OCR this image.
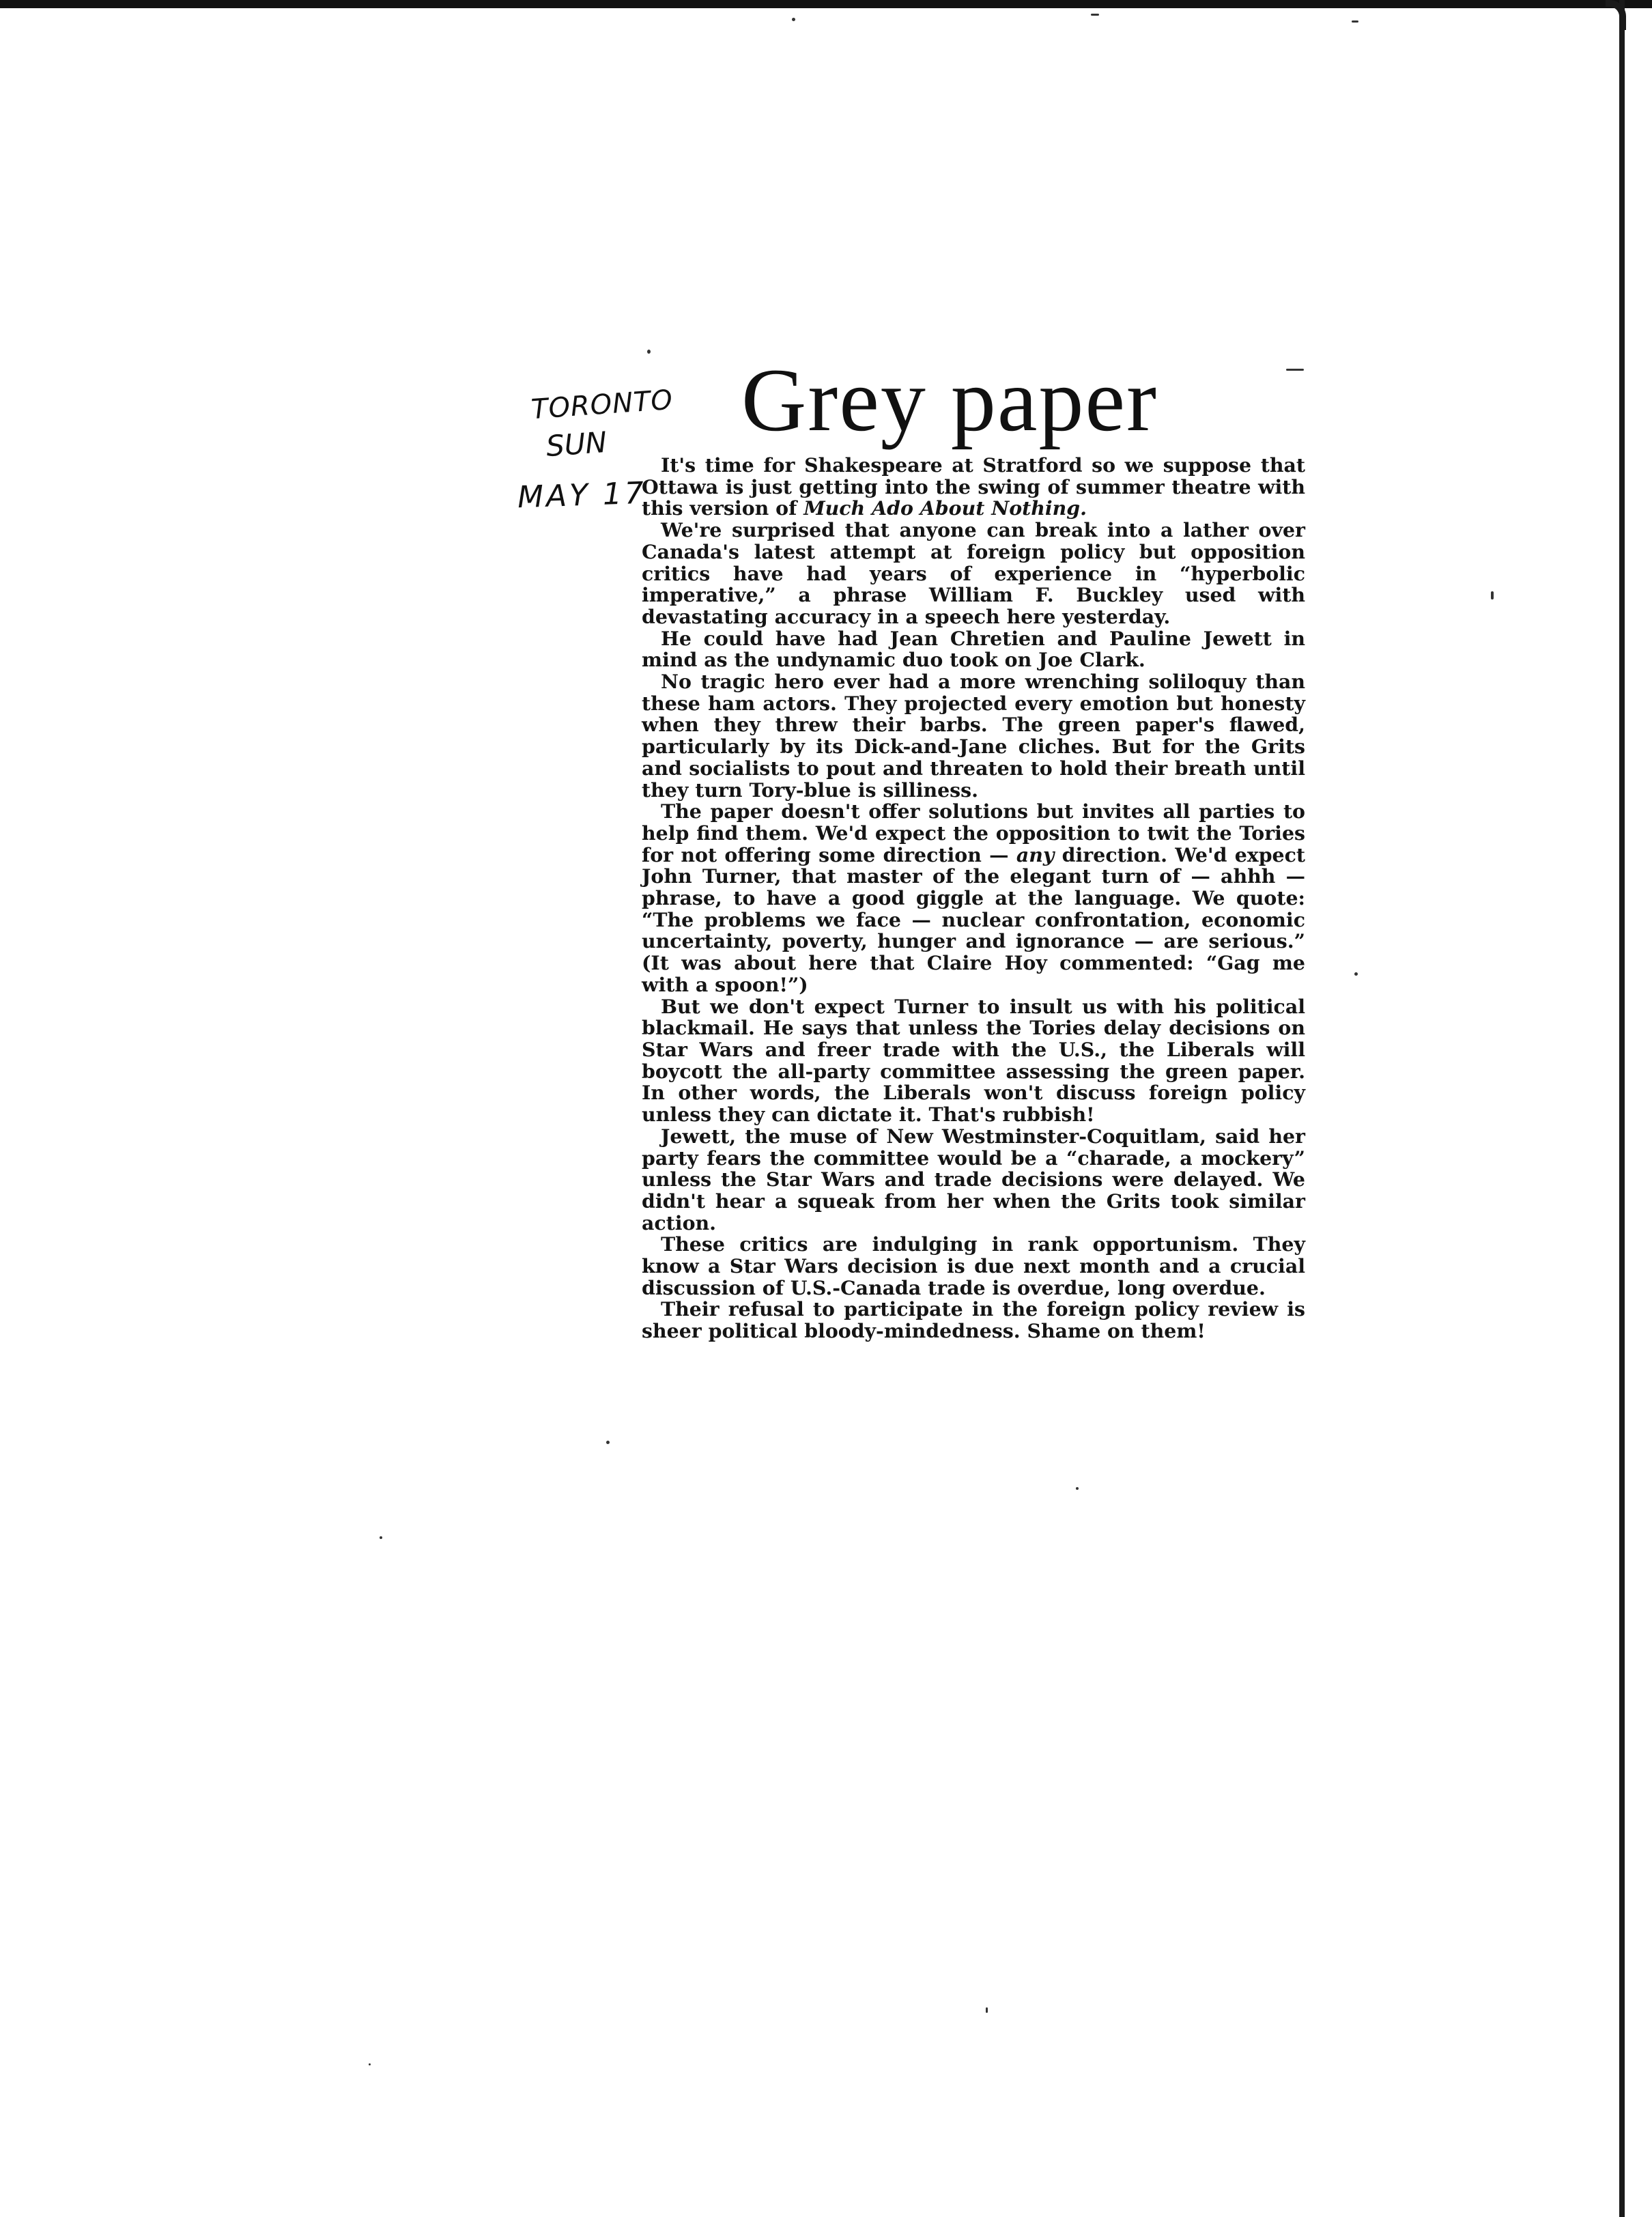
TORONTO
SUN
MAY 17
Grey paper

It's time for Shakespeare at Stratford so we suppose that Ottawa is just getting into the swing of summer theatre with this version of Much Ado About Nothing.

We're surprised that anyone can break into a lather over Canada's latest attempt at foreign policy but opposition critics have had years of experience in “hyperbolic imperative,” a phrase William F. Buckley used with devastating accuracy in a speech here yesterday.

He could have had Jean Chretien and Pauline Jewett in mind as the undynamic duo took on Joe Clark.

No tragic hero ever had a more wrenching soliloquy than these ham actors. They projected every emotion but honesty when they threw their barbs. The green paper's flawed, particularly by its Dick-and-Jane cliches. But for the Grits and socialists to pout and threaten to hold their breath until they turn Tory-blue is silliness.

The paper doesn't offer solutions but invites all parties to help find them. We'd expect the opposition to twit the Tories for not offering some direction — any direction. We'd expect John Turner, that master of the elegant turn of — ahhh — phrase, to have a good giggle at the language. We quote: “The problems we face — nuclear confrontation, economic uncertainty, poverty, hunger and ignorance — are serious.” (It was about here that Claire Hoy commented: “Gag me with a spoon!”)

But we don't expect Turner to insult us with his political blackmail. He says that unless the Tories delay decisions on Star Wars and freer trade with the U.S., the Liberals will boycott the all-party committee assessing the green paper. In other words, the Liberals won't discuss foreign policy unless they can dictate it. That's rubbish!

Jewett, the muse of New Westminster-Coquitlam, said her party fears the committee would be a “charade, a mockery” unless the Star Wars and trade decisions were delayed. We didn't hear a squeak from her when the Grits took similar action.

These critics are indulging in rank opportunism. They know a Star Wars decision is due next month and a crucial discussion of U.S.-Canada trade is overdue, long overdue.

Their refusal to participate in the foreign policy review is sheer political bloody-mindedness. Shame on them!
